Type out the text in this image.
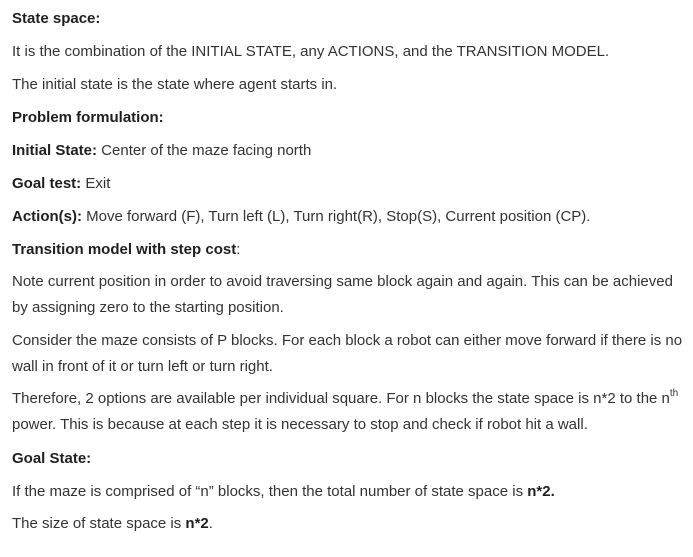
State space:
It is the combination of the INITIAL STATE, any ACTIONS, and the TRANSITION MODEL.
The initial state is the state where agent starts in.
Problem formulation:
Initial State: Center of the maze facing north
Goal test: Exit
Action(s): Move forward (F), Turn left (L), Turn right(R), Stop(S), Current position (CP).
Transition model with step cost:
Note current position in order to avoid traversing same block again and again. This can be achieved by assigning zero to the starting position.
Consider the maze consists of P blocks. For each block a robot can either move forward if there is no wall in front of it or turn left or turn right.
Therefore, 2 options are available per individual square. For n blocks the state space is n*2 to the $n^{th}$ power. This is because at each step it is necessary to stop and check if robot hit a wall.
Goal State:
If the maze is comprised of “n” blocks, then the total number of state space is n*2.
The size of state space is n*2.
